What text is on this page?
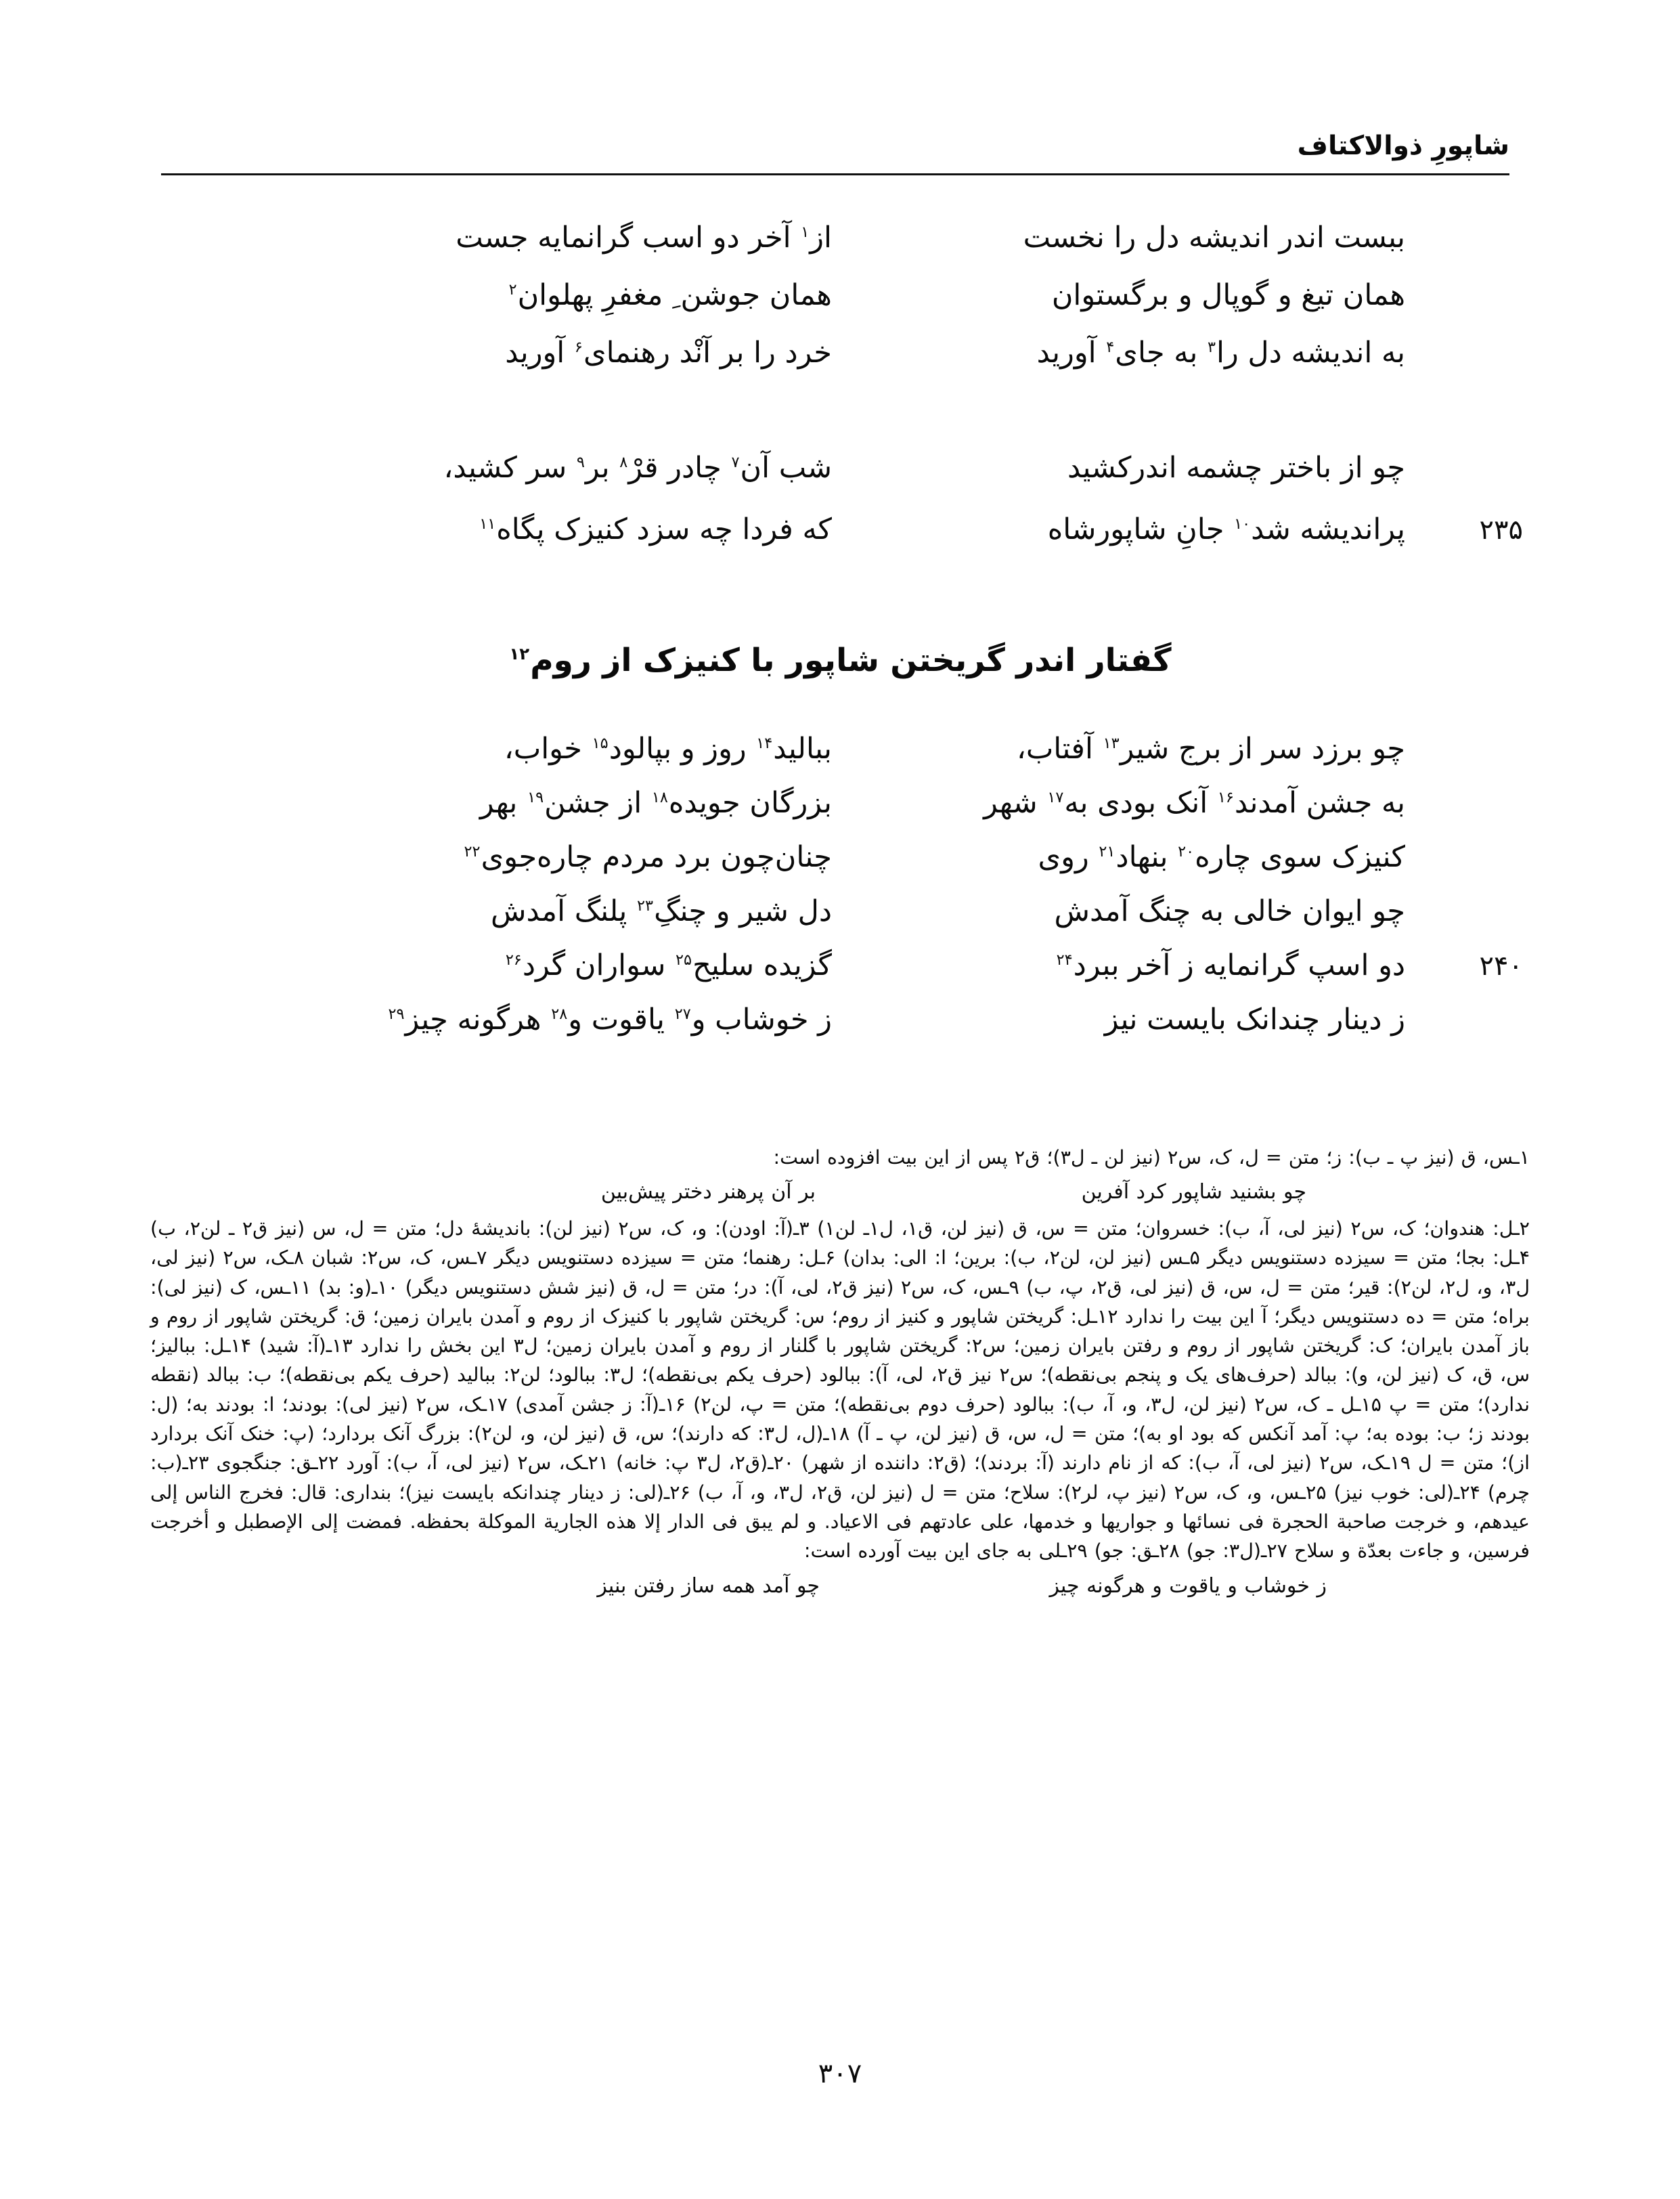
شاپورِ ذوالاکتاف
ببست اندر اندیشه دل را نخست
از$^۱$ آخر دو اسب گرانمایه جست
همان تیغ و گوپال و برگستوان
همان جوشن ِ مغفرِ پهلوان$^۲$
به اندیشه دل را$^۳$ به جای$^۴$ آورید
خرد را بر آنْد رهنمای$^۶$ آورید
چو از باختر چشمه اندرکشید
شب آن$^۷$ چادر قرْ$^۸$ بر$^۹$ سر کشید،
۲۳۵
پراندیشه شد$^{۱۰}$ جانِ شاپورشاه
که فردا چه سزد کنیزک پگاه$^{۱۱}$
گفتار اندر گریختن شاپور با کنیزک از روم$^{۱۲}$
چو برزد سر از برج شیر$^{۱۳}$ آفتاب،
ببالید$^{۱۴}$ روز و بپالود$^{۱۵}$ خواب،
به جشن آمدند$^{۱۶}$ آنک بودی به$^{۱۷}$ شهر
بزرگان جویده$^{۱۸}$ از جشن$^{۱۹}$ بهر
کنیزک سوی چاره$^{۲۰}$ بنهاد$^{۲۱}$ روی
چنان‌چون برد مردم چاره‌جوی$^{۲۲}$
چو ایوان خالی به چنگ آمدش
دل شیر و چنگِ$^{۲۳}$ پلنگ آمدش
۲۴۰
دو اسپ گرانمایه ز آخر ببرد$^{۲۴}$
گزیده سلیح$^{۲۵}$ سواران گرد$^{۲۶}$
ز دینار چندانک بایست نیز
ز خوشاب و$^{۲۷}$ یاقوت و$^{۲۸}$ هرگونه چیز$^{۲۹}$

۱ـس، ق (نیز پ ـ ب): ز؛ متن = ل، ک، س۲ (نیز لن ـ ل۳)؛ ق۲ پس از این بیت افزوده است:

چو بشنید شاپور کرد آفرین
بر آن پرهنر دختر پیش‌بین

۲ـل: هندوان؛ ک، س۲ (نیز لی، آ، ب): خسروان؛ متن = س، ق (نیز لن، ق۱، ل۱ـ لن۱) ۳ـ(آ: اودن): و، ک، س۲ (نیز لن): باندیشهٔ دل؛ متن = ل، س (نیز ق۲ ـ لن۲، ب) ۴ـل: بجا؛ متن = سیزده دستنویس دیگر ۵ـس (نیز لن، لن۲، ب): برین؛ ا: الی: بدان) ۶ـل: رهنما؛ متن = سیزده دستنویس دیگر ۷ـس، ک، س۲: شبان ۸ـک، س۲ (نیز لی، ل۳، و، ل۲، لن۲): قیر؛ متن = ل، س، ق (نیز لی، ق۲، پ، ب) ۹ـس، ک، س۲ (نیز ق۲، لی، آ): در؛ متن = ل، ق (نیز شش دستنویس دیگر) ۱۰ـ(و: بد) ۱۱ـس، ک (نیز لی): براه؛ متن = ده دستنویس دیگر؛ آ این بیت را ندارد ۱۲ـل: گریختن شاپور و کنیز از روم؛ س: گریختن شاپور با کنیزک از روم و آمدن بایران زمین؛ ق: گریختن شاپور از روم و باز آمدن بایران؛ ک: گریختن شاپور از روم و رفتن بایران زمین؛ س۲: گریختن شاپور با گلنار از روم و آمدن بایران زمین؛ ل۳ این بخش را ندارد ۱۳ـ(آ: شید) ۱۴ـل: ببالیز؛ س، ق، ک (نیز لن، و): ببالد (حرف‌های یک و پنجم بی‌نقطه)؛ س۲ نیز ق۲، لی، آ): ببالود (حرف یکم بی‌نقطه)؛ ل۳: ببالود؛ لن۲: ببالید (حرف یکم بی‌نقطه)؛ ب: ببالد (نقطه ندارد)؛ متن = پ ۱۵ـل ـ ک، س۲ (نیز لن، ل۳، و، آ، ب): ببالود (حرف دوم بی‌نقطه)؛ متن = پ، لن۲) ۱۶ـ(آ: ز جشن آمدی) ۱۷ـک، س۲ (نیز لی): بودند؛ ا: بودند به؛ (ل: بودند ز؛ ب: بوده به؛ پ: آمد آنکس که بود او به)؛ متن = ل، س، ق (نیز لن، پ ـ آ) ۱۸ـ(ل، ل۳: که دارند)؛ س، ق (نیز لن، و، لن۲): بزرگ آنک بردارد؛ (پ: خنک آنک بردارد از)؛ متن = ل ۱۹ـک، س۲ (نیز لی، آ، ب): که از نام دارند (آ: بردند)؛ (ق۲: داننده از شهر) ۲۰ـ(ق۲، ل۳ پ: خانه) ۲۱ـک، س۲ (نیز لی، آ، ب): آورد ۲۲ـق: جنگجوی ۲۳ـ(ب: چرم) ۲۴ـ(لی: خوب نیز) ۲۵ـس، و، ک، س۲ (نیز پ، لر۲): سلاح؛ متن = ل (نیز لن، ق۲، ل۳، و، آ، ب) ۲۶ـ(لی: ز دینار چندانکه بایست نیز)؛ بنداری: قال: فخرج الناس إلی عیدهم، و خرجت صاحبة الحجرة فی نسائها و جواریها و خدمها، علی عادتهم فی الاعیاد. و لم یبق فی الدار إلا هذه الجاریة الموکلة بحفظه. فمضت إلی الإصطبل و أخرجت فرسین، و جاءت بعدّة و سلاح ۲۷ـ(ل۳: جو) ۲۸ـق: جو) ۲۹ـلی به جای این بیت آورده است:

ز خوشاب و یاقوت و هرگونه چیز
چو آمد همه ساز رفتن بنیز
۳۰۷
